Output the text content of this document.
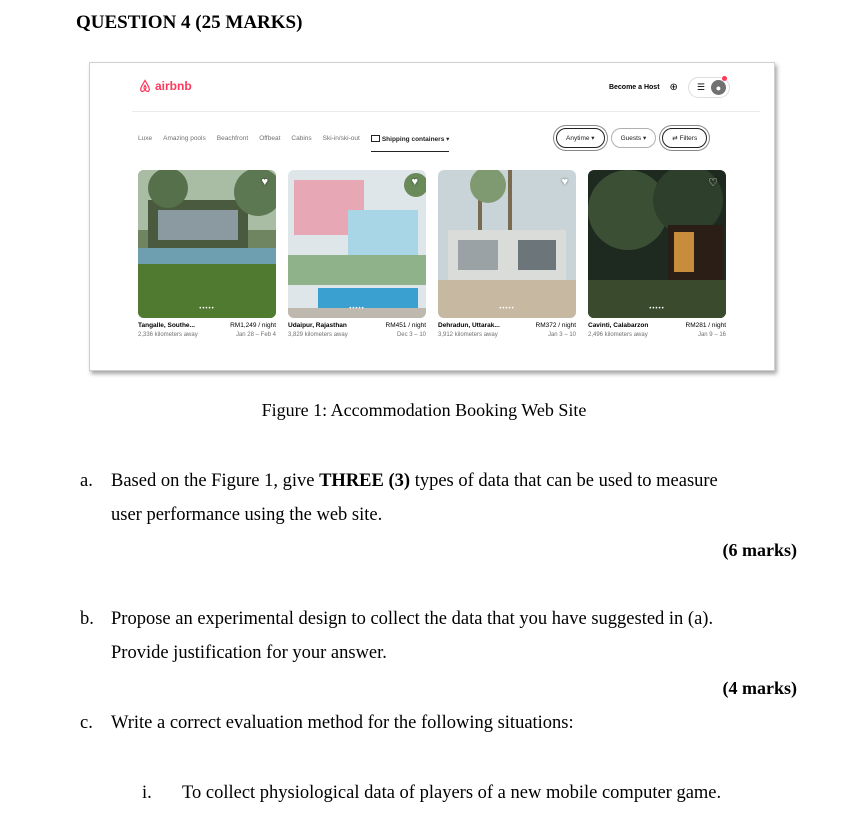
QUESTION 4 (25 MARKS)
airbnb	Become a Host ⊕ ☰	●
Luxe Amazing pools Beachfront Offbeat Cabins Ski-in/ski-out	Shipping containers ▾	Anytime ▾	Guests ▾	⇄ Filters
♥
•••••
Tangalle, Southe...	RM1,249 / night
2,336 kilometers away	Jan 28 – Feb 4
♥
•••••
Udaipur, Rajasthan	RM451 / night
3,829 kilometers away	Dec 3 – 10
♥
•••••
Dehradun, Uttarak...	RM372 / night
3,912 kilometers away	Jan 3 – 10
♡
•••••
Cavinti, Calabarzon	RM281 / night
2,496 kilometers away	Jan 9 – 16
Figure 1: Accommodation Booking Web Site
a. Based on the Figure 1, give THREE (3) types of data that can be used to measure
user performance using the web site.
(6 marks)
b. Propose an experimental design to collect the data that you have suggested in (a).
Provide justification for your answer.
(4 marks)
c. Write a correct evaluation method for the following situations:
i. To collect physiological data of players of a new mobile computer game.
